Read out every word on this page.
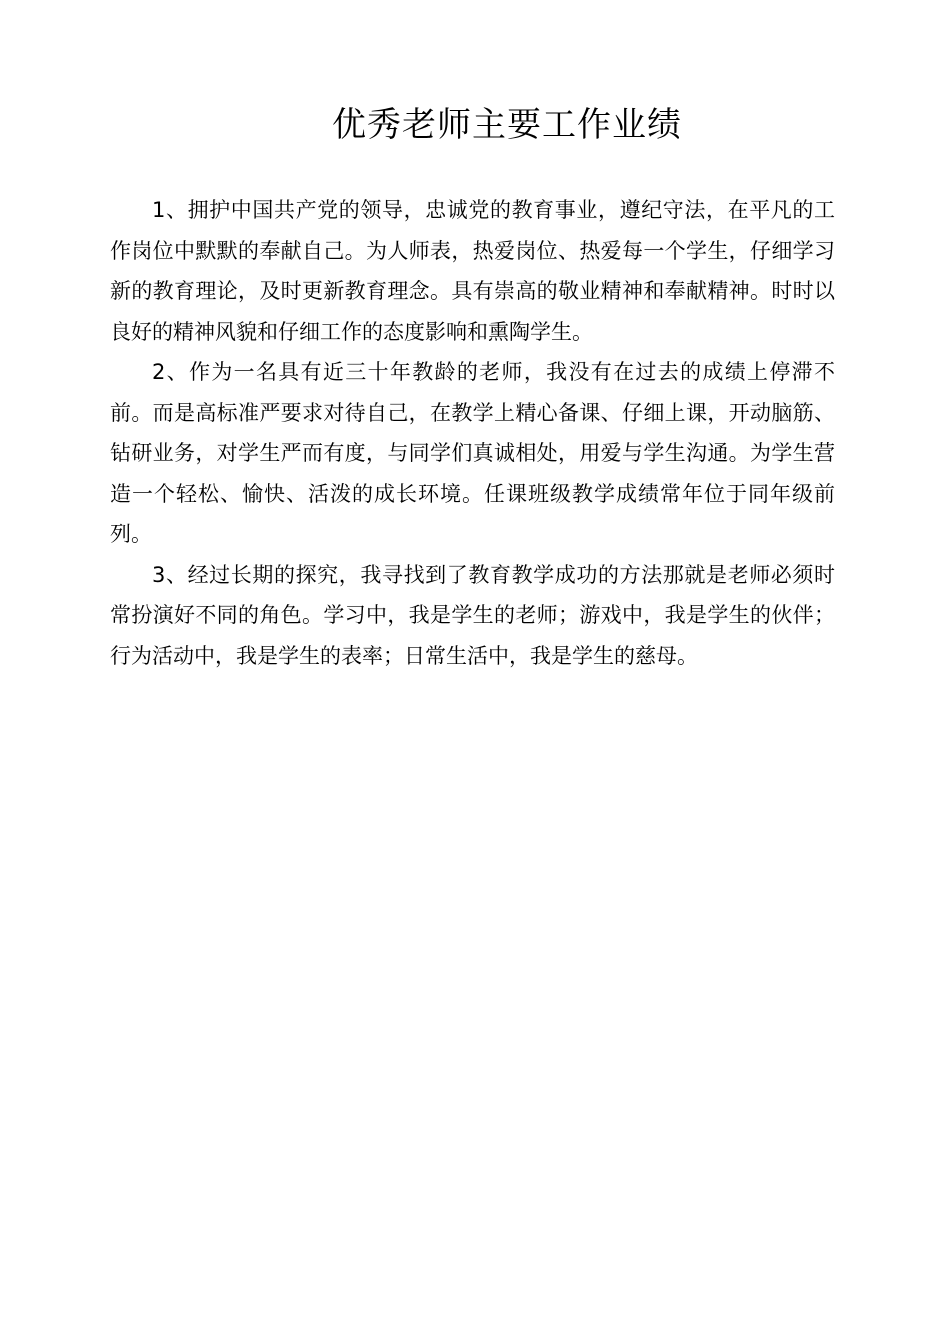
优秀老师主要工作业绩

1、拥护中国共产党的领导，忠诚党的教育事业，遵纪守法，在平凡的工作岗位中默默的奉献自己。为人师表，热爱岗位、热爱每一个学生，仔细学习新的教育理论，及时更新教育理念。具有崇高的敬业精神和奉献精神。时时以良好的精神风貌和仔细工作的态度影响和熏陶学生。

2、作为一名具有近三十年教龄的老师，我没有在过去的成绩上停滞不前。而是高标准严要求对待自己，在教学上精心备课、仔细上课，开动脑筋、钻研业务，对学生严而有度，与同学们真诚相处，用爱与学生沟通。为学生营造一个轻松、愉快、活泼的成长环境。任课班级教学成绩常年位于同年级前列。

3、经过长期的探究，我寻找到了教育教学成功的方法那就是老师必须时常扮演好不同的角色。学习中，我是学生的老师；游戏中，我是学生的伙伴；行为活动中，我是学生的表率；日常生活中，我是学生的慈母。
